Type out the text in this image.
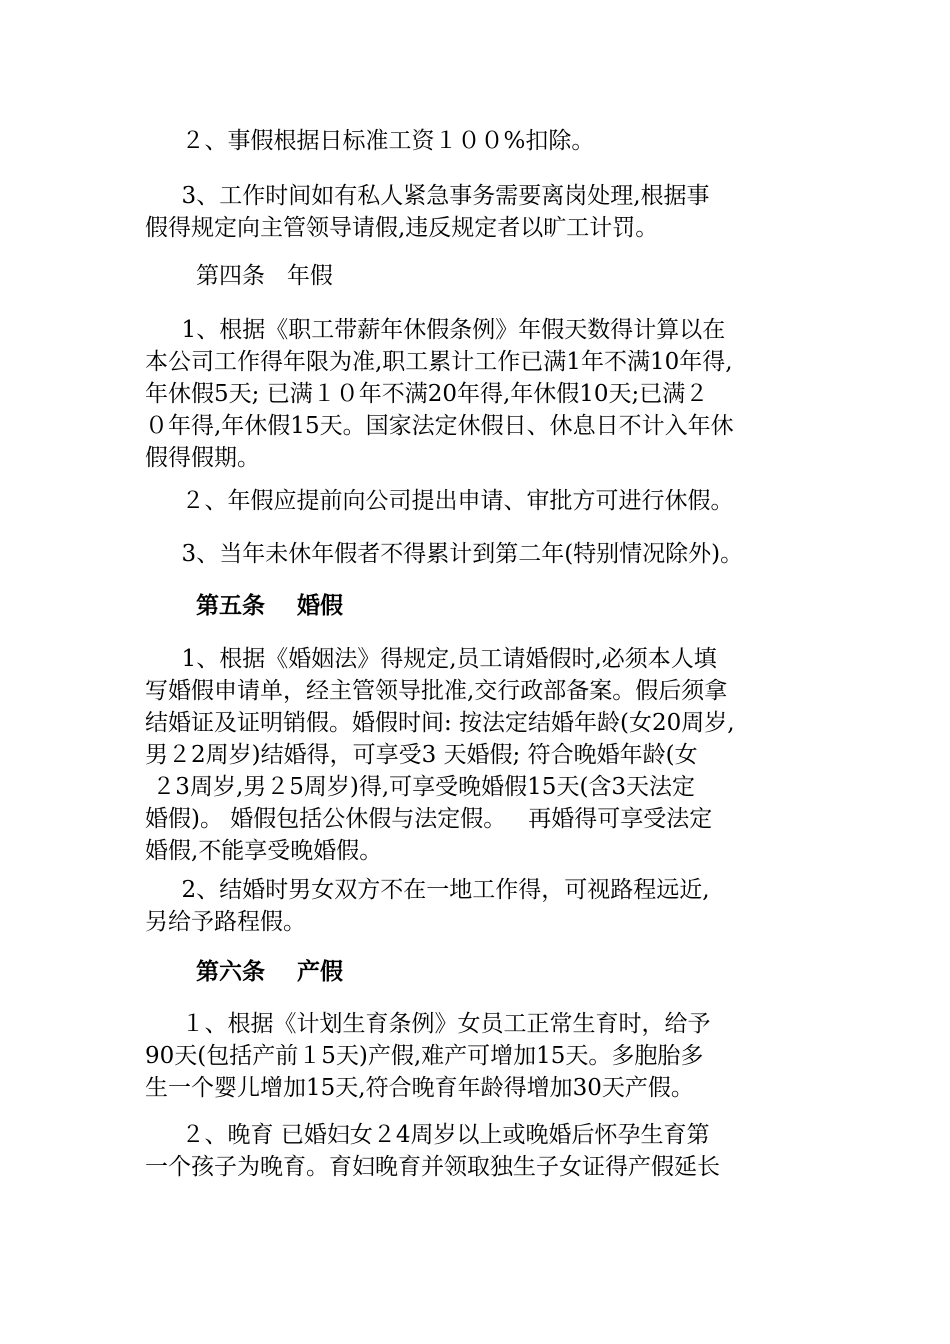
２、事假根据日标准工资１００%扣除。
3、工作时间如有私人紧急事务需要离岗处理,根据事
假得规定向主管领导请假,违反规定者以旷工计罚。
第四条   年假
1、根据《职工带薪年休假条例》年假天数得计算以在
本公司工作得年限为准,职工累计工作已满1年不满10年得,
年休假5天; 已满１０年不满20年得,年休假10天;已满２
０年得,年休假15天。国家法定休假日、休息日不计入年休
假得假期。
２、年假应提前向公司提出申请、审批方可进行休假。
3、当年未休年假者不得累计到第二年(特别情况除外)。
第五条    婚假
1、根据《婚姻法》得规定,员工请婚假时,必须本人填
写婚假申请单，经主管领导批准,交行政部备案。假后须拿
结婚证及证明销假。婚假时间: 按法定结婚年龄(女20周岁,
男２2周岁)结婚得，可享受3 天婚假; 符合晚婚年龄(女
２3周岁,男２5周岁)得,可享受晚婚假15天(含3天法定
婚假)。 婚假包括公休假与法定假。   再婚得可享受法定
婚假,不能享受晚婚假。
2、结婚时男女双方不在一地工作得，可视路程远近,
另给予路程假。
第六条    产假
１、根据《计划生育条例》女员工正常生育时，给予
90天(包括产前１5天)产假,难产可增加15天。多胞胎多
生一个婴儿增加15天,符合晚育年龄得增加30天产假。
２、晚育 已婚妇女２4周岁以上或晚婚后怀孕生育第
一个孩子为晚育。育妇晚育并领取独生子女证得产假延长
